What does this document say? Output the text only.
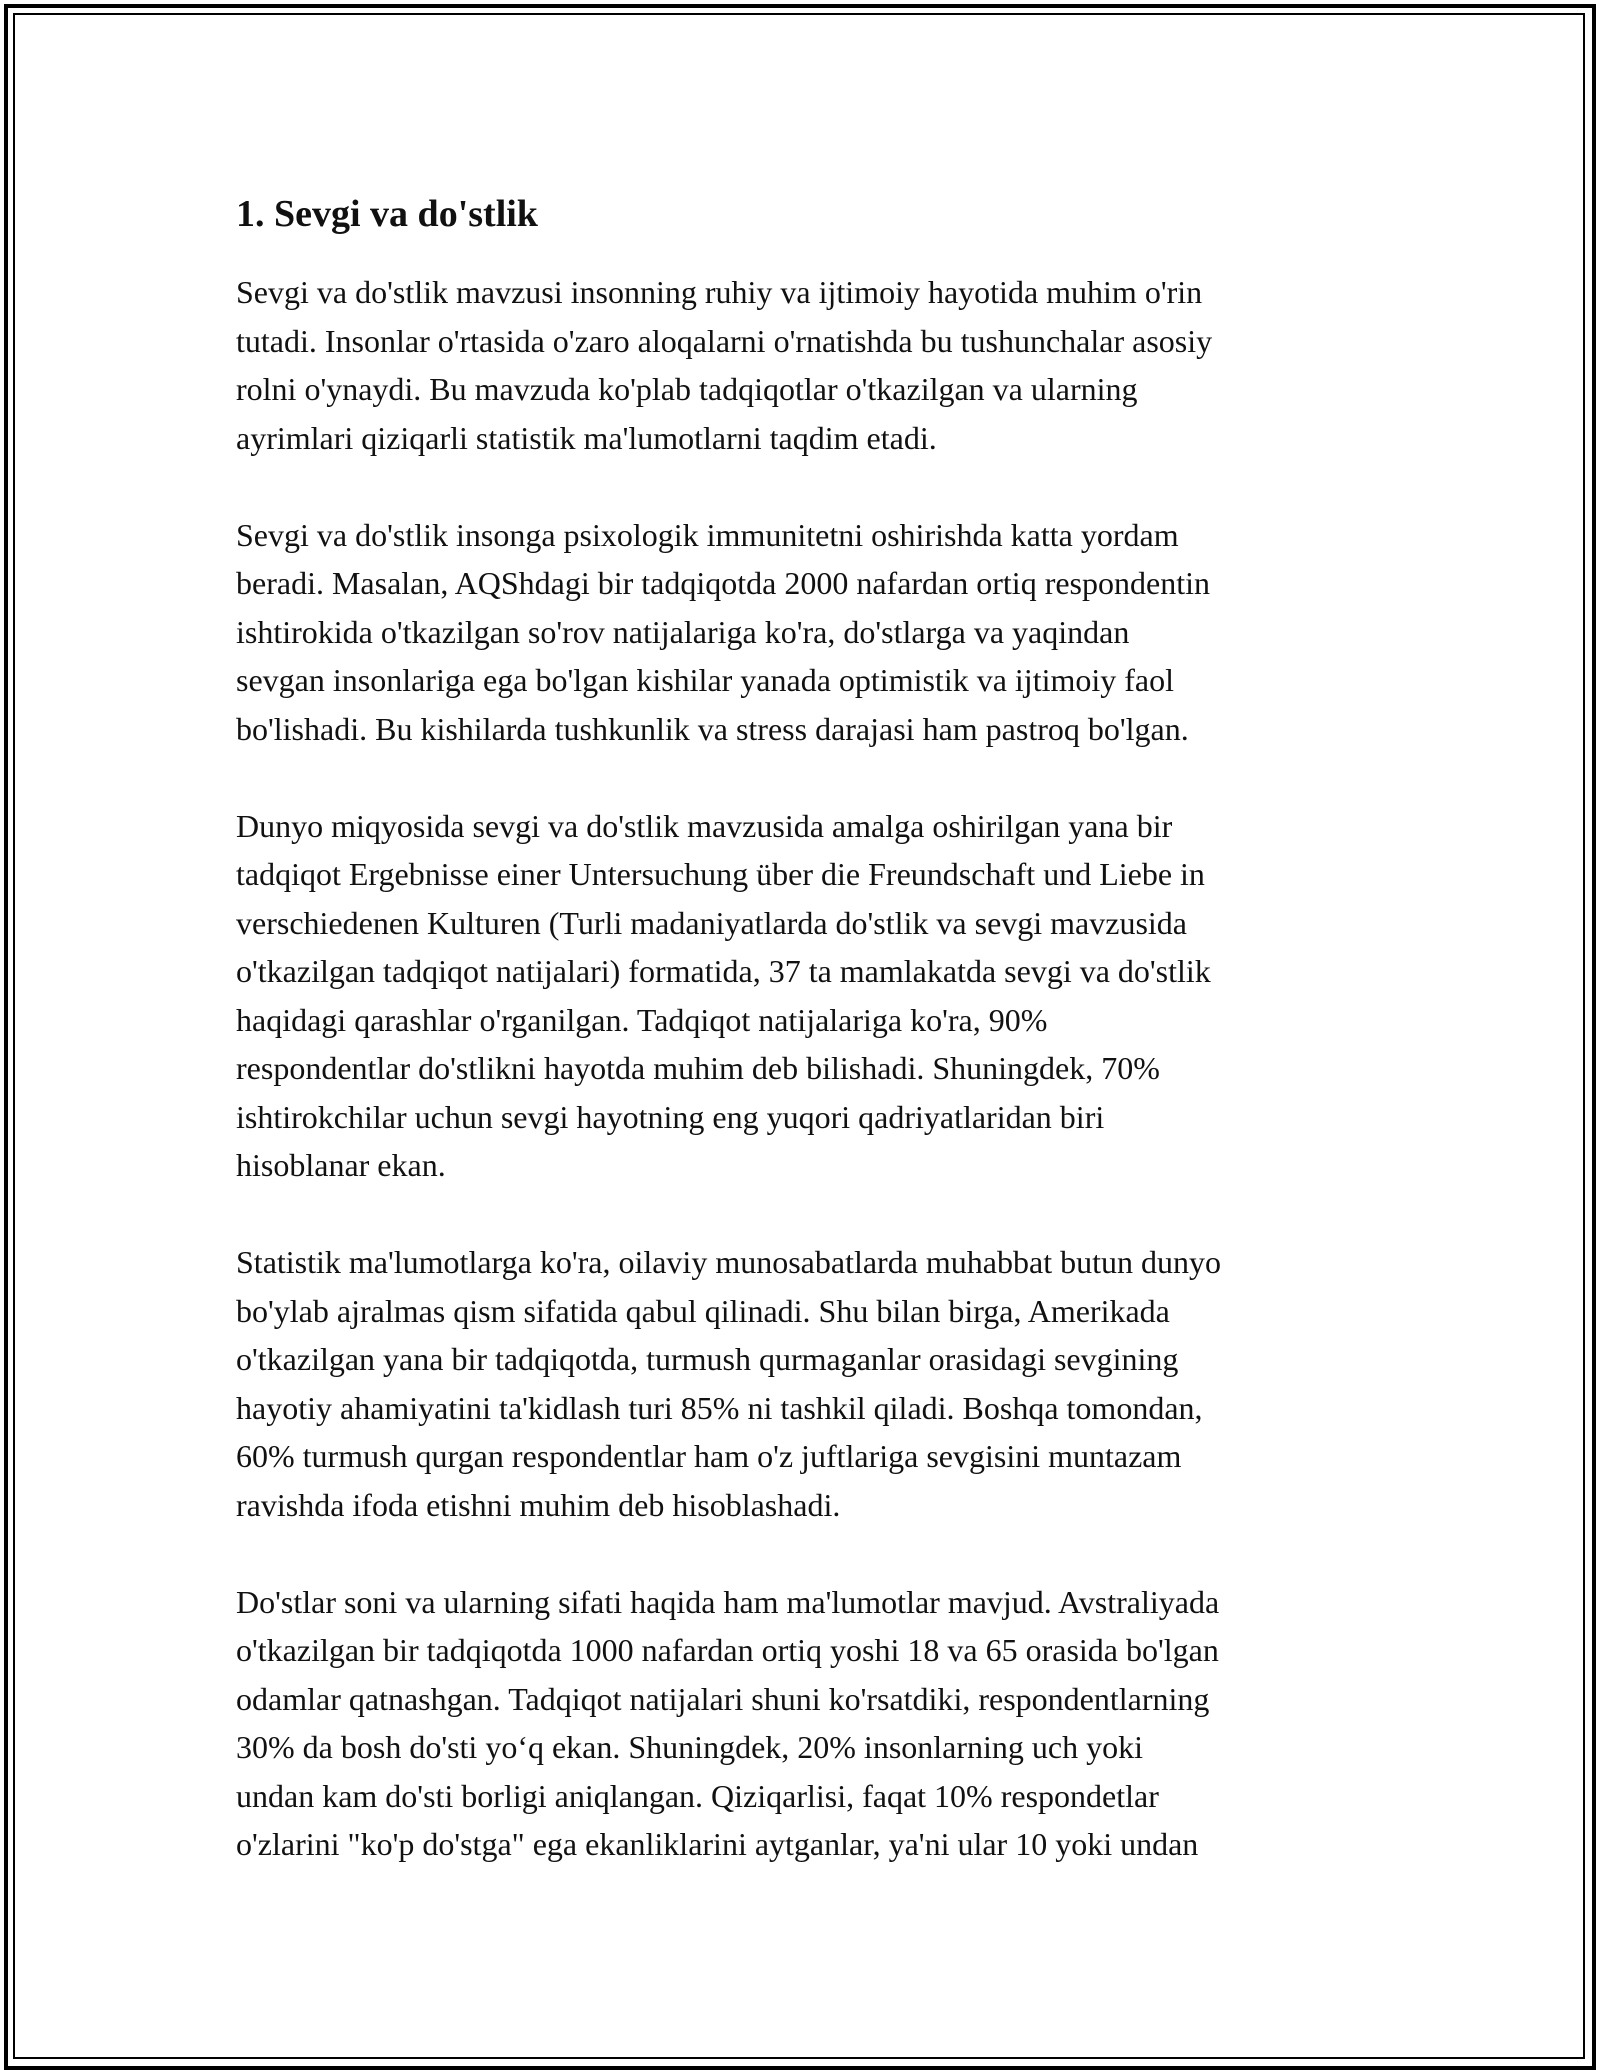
1. Sevgi va do'stlik

Sevgi va do'stlik mavzusi insonning ruhiy va ijtimoiy hayotida muhim o'rin
tutadi. Insonlar o'rtasida o'zaro aloqalarni o'rnatishda bu tushunchalar asosiy
rolni o'ynaydi. Bu mavzuda ko'plab tadqiqotlar o'tkazilgan va ularning
ayrimlari qiziqarli statistik ma'lumotlarni taqdim etadi.

Sevgi va do'stlik insonga psixologik immunitetni oshirishda katta yordam
beradi. Masalan, AQShdagi bir tadqiqotda 2000 nafardan ortiq respondentin
ishtirokida o'tkazilgan so'rov natijalariga ko'ra, do'stlarga va yaqindan
sevgan insonlariga ega bo'lgan kishilar yanada optimistik va ijtimoiy faol
bo'lishadi. Bu kishilarda tushkunlik va stress darajasi ham pastroq bo'lgan.

Dunyo miqyosida sevgi va do'stlik mavzusida amalga oshirilgan yana bir
tadqiqot Ergebnisse einer Untersuchung über die Freundschaft und Liebe in
verschiedenen Kulturen (Turli madaniyatlarda do'stlik va sevgi mavzusida
o'tkazilgan tadqiqot natijalari) formatida, 37 ta mamlakatda sevgi va do'stlik
haqidagi qarashlar o'rganilgan. Tadqiqot natijalariga ko'ra, 90%
respondentlar do'stlikni hayotda muhim deb bilishadi. Shuningdek, 70%
ishtirokchilar uchun sevgi hayotning eng yuqori qadriyatlaridan biri
hisoblanar ekan.

Statistik ma'lumotlarga ko'ra, oilaviy munosabatlarda muhabbat butun dunyo
bo'ylab ajralmas qism sifatida qabul qilinadi. Shu bilan birga, Amerikada
o'tkazilgan yana bir tadqiqotda, turmush qurmaganlar orasidagi sevgining
hayotiy ahamiyatini ta'kidlash turi 85% ni tashkil qiladi. Boshqa tomondan,
60% turmush qurgan respondentlar ham o'z juftlariga sevgisini muntazam
ravishda ifoda etishni muhim deb hisoblashadi.

Do'stlar soni va ularning sifati haqida ham ma'lumotlar mavjud. Avstraliyada
o'tkazilgan bir tadqiqotda 1000 nafardan ortiq yoshi 18 va 65 orasida bo'lgan
odamlar qatnashgan. Tadqiqot natijalari shuni ko'rsatdiki, respondentlarning
30% da bosh do'sti yo‘q ekan. Shuningdek, 20% insonlarning uch yoki
undan kam do'sti borligi aniqlangan. Qiziqarlisi, faqat 10% respondetlar
o'zlarini "ko'p do'stga" ega ekanliklarini aytganlar, ya'ni ular 10 yoki undan
